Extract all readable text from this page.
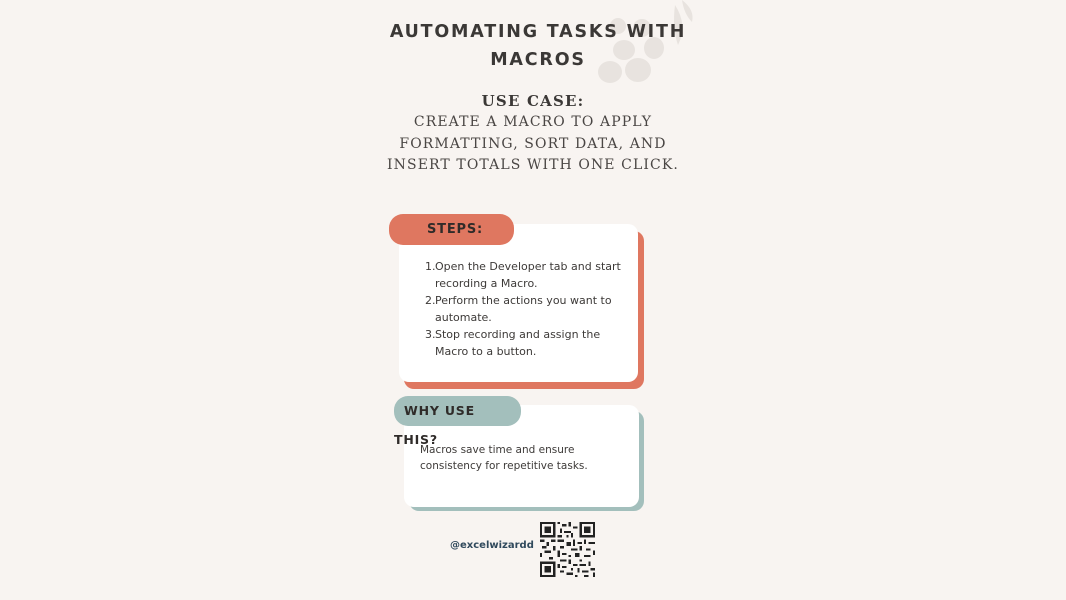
AUTOMATING TASKS WITH
MACROS
USE CASE:
CREATE A MACRO TO APPLY
FORMATTING, SORT DATA, AND
INSERT TOTALS WITH ONE CLICK.
STEPS:
1. Open the Developer tab and start recording a Macro.
2. Perform the actions you want to automate.
3. Stop recording and assign the Macro to a button.
WHY USE THIS?
Macros save time and ensure consistency for repetitive tasks.
@excelwizardd
